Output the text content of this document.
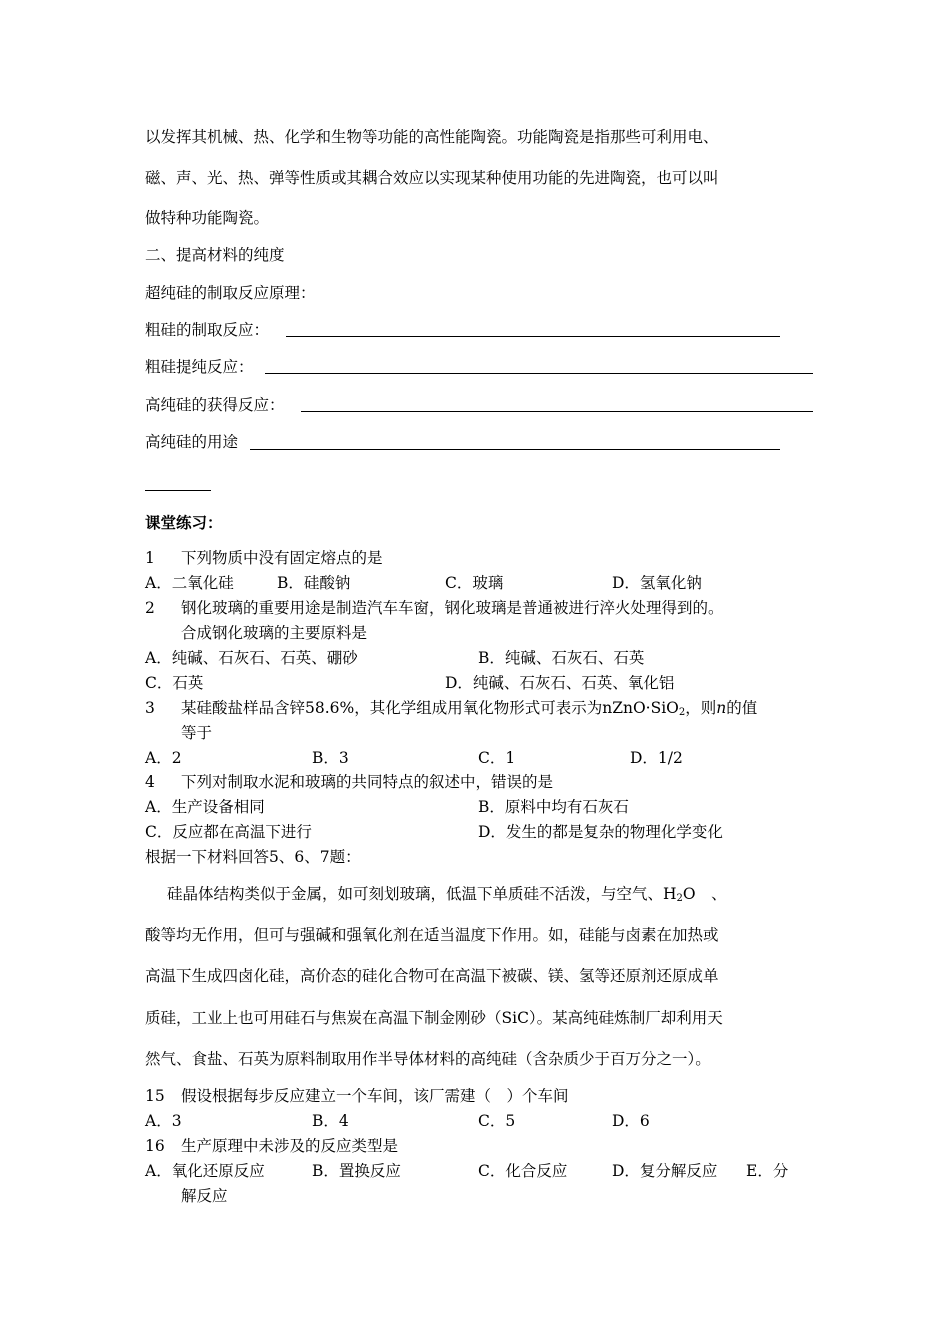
以发挥其机械、热、化学和生物等功能的高性能陶瓷。功能陶瓷是指那些可利用电、
磁、声、光、热、弹等性质或其耦合效应以实现某种使用功能的先进陶瓷，也可以叫
做特种功能陶瓷。
二、提高材料的纯度
超纯硅的制取反应原理：
粗硅的制取反应：
粗硅提纯反应：
高纯硅的获得反应：
高纯硅的用途
课堂练习：
1 下列物质中没有固定熔点的是
A．二氧化硅	B．硅酸钠	C．玻璃	D．氢氧化钠
2 钢化玻璃的重要用途是制造汽车车窗，钢化玻璃是普通被进行淬火处理得到的。
合成钢化玻璃的主要原料是
A．纯碱、石灰石、石英、硼砂	B．纯碱、石灰石、石英
C．石英	D．纯碱、石灰石、石英、氧化铝
3 某硅酸盐样品含锌58.6%，其化学组成用氧化物形式可表示为nZnO·SiO$_2$，则n的值
等于
A．2	B．3	C．1	D．1/2
4 下列对制取水泥和玻璃的共同特点的叙述中，错误的是
A．生产设备相同	B．原料中均有石灰石
C．反应都在高温下进行	D．发生的都是复杂的物理化学变化
根据一下材料回答5、6、7题：
硅晶体结构类似于金属，如可刻划玻璃，低温下单质硅不活泼，与空气、$H_2O$　、
酸等均无作用，但可与强碱和强氧化剂在适当温度下作用。如，硅能与卤素在加热或
高温下生成四卤化硅，高价态的硅化合物可在高温下被碳、镁、氢等还原剂还原成单
质硅，工业上也可用硅石与焦炭在高温下制金刚砂（SiC）。某高纯硅炼制厂却利用天
然气、食盐、石英为原料制取用作半导体材料的高纯硅（含杂质少于百万分之一）。
15 假设根据每步反应建立一个车间，该厂需建（　）个车间
A．3	B．4	C．5	D．6
16 生产原理中未涉及的反应类型是
A．氧化还原反应	B．置换反应	C．化合反应	D．复分解反应 E．分
解反应
